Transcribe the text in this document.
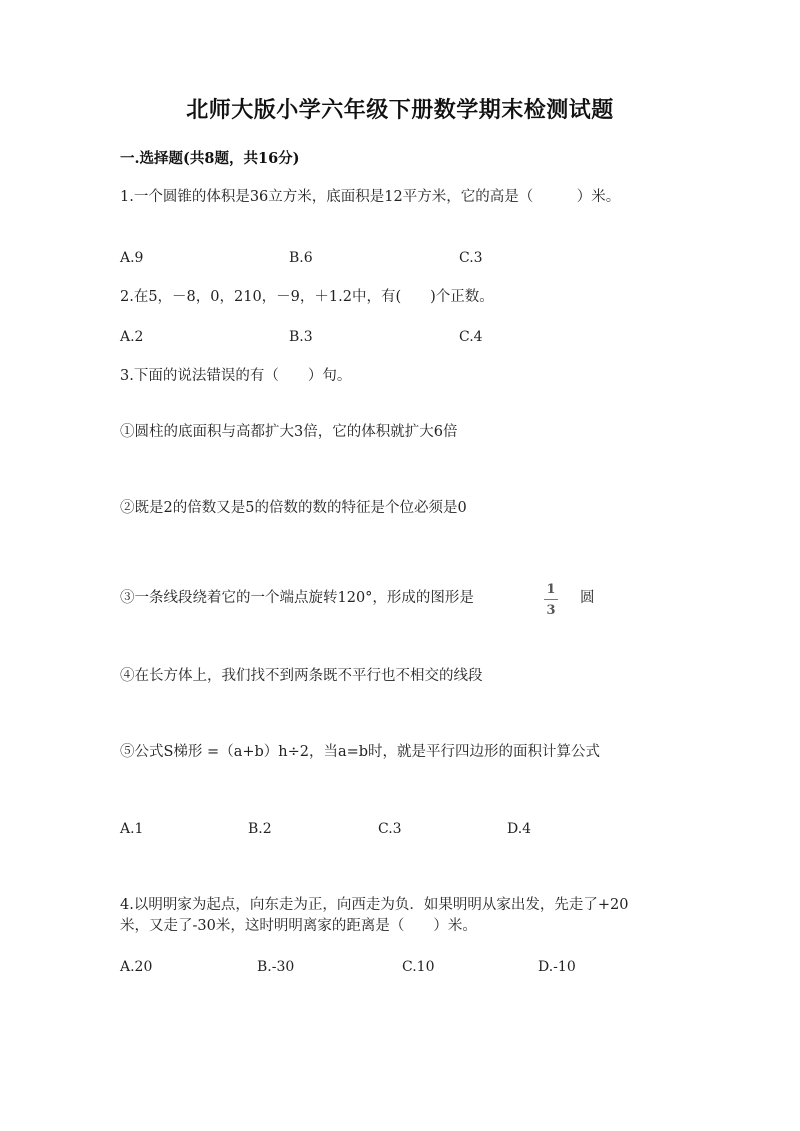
北师大版小学六年级下册数学期末检测试题
一.选择题(共8题，共16分)
1.一个圆锥的体积是36立方米，底面积是12平方米，它的高是（　　　）米。
A.9	B.6	C.3
2.在5，－8，0，210，－9，＋1.2中，有(　　)个正数。
A.2	B.3	C.4
3.下面的说法错误的有（　　）句。
①圆柱的底面积与高都扩大3倍，它的体积就扩大6倍
②既是2的倍数又是5的倍数的数的特征是个位必须是0
③一条线段绕着它的一个端点旋转120°，形成的图形是
1
3
圆
④在长方体上，我们找不到两条既不平行也不相交的线段
⑤公式S梯形 =（a+b）h÷2，当a=b时，就是平行四边形的面积计算公式
A.1	B.2	C.3	D.4
4.以明明家为起点，向东走为正，向西走为负．如果明明从家出发，先走了+20
米，又走了-30米，这时明明离家的距离是（　　）米。
A.20	B.-30	C.10	D.-10
